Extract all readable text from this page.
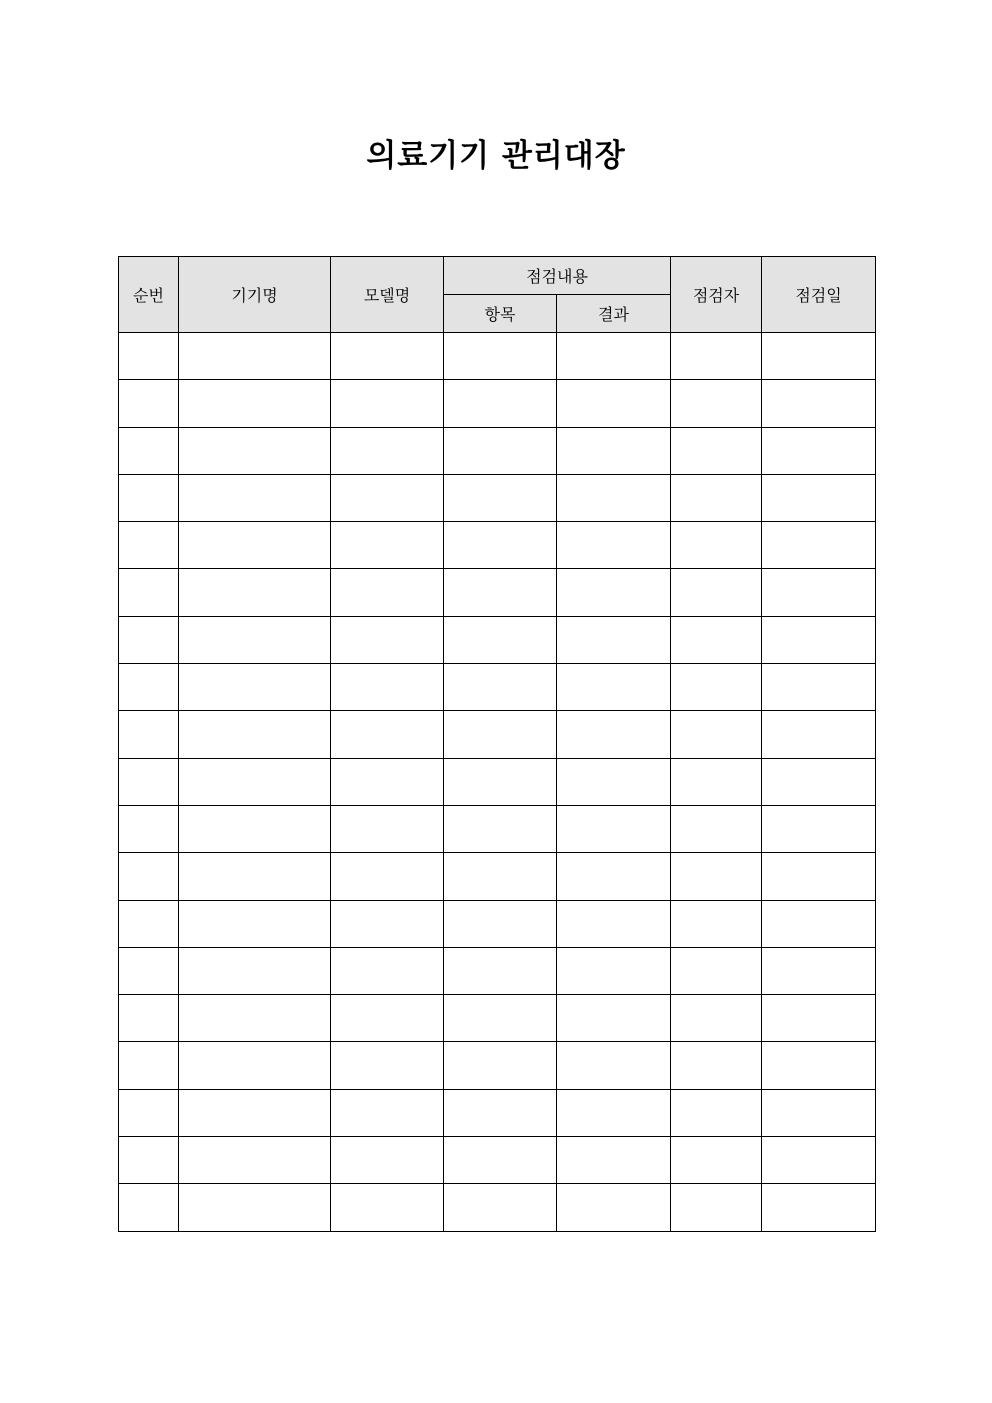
의료기기 관리대장
순번	기기명	모델명	점검내용		점검자	점검일
			항목	결과		
